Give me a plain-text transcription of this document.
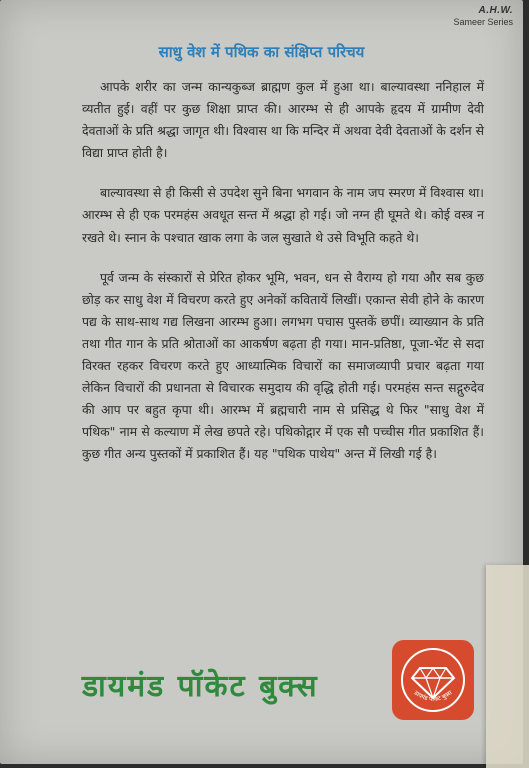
A.H.W.
Sameer Series
साधु वेश में पथिक का संक्षिप्त परिचय

आपके शरीर का जन्म कान्यकुब्ज ब्राह्मण कुल में हुआ था। बाल्यावस्था ननिहाल में व्यतीत हुई। वहीं पर कुछ शिक्षा प्राप्त की। आरम्भ से ही आपके हृदय में ग्रामीण देवी देवताओं के प्रति श्रद्धा जागृत थी। विश्वास था कि मन्दिर में अथवा देवी देवताओं के दर्शन से विद्या प्राप्त होती है।

बाल्यावस्था से ही किसी से उपदेश सुने बिना भगवान के नाम जप स्मरण में विश्वास था। आरम्भ से ही एक परमहंस अवधूत सन्त में श्रद्धा हो गई। जो नग्न ही घूमते थे। कोई वस्त्र न रखते थे। स्नान के पश्चात खाक लगा के जल सुखाते थे उसे विभूति कहते थे।

पूर्व जन्म के संस्कारों से प्रेरित होकर भूमि, भवन, धन से वैराग्य हो गया और सब कुछ छोड़ कर साधु वेश में विचरण करते हुए अनेकों कवितायें लिखीं। एकान्त सेवी होने के कारण पद्य के साथ-साथ गद्य लिखना आरम्भ हुआ। लगभग पचास पुस्तकें छपीं। व्याख्यान के प्रति तथा गीत गान के प्रति श्रोताओं का आकर्षण बढ़ता ही गया। मान-प्रतिष्ठा, पूजा-भेंट से सदा विरक्त रहकर विचरण करते हुए आध्यात्मिक विचारों का समाजव्यापी प्रचार बढ़ता गया लेकिन विचारों की प्रधानता से विचारक समुदाय की वृद्धि होती गई। परमहंस सन्त सद्गुरुदेव की आप पर बहुत कृपा थी। आरम्भ में ब्रह्मचारी नाम से प्रसिद्ध थे फिर "साधु वेश में पथिक" नाम से कल्याण में लेख छपते रहे। पथिकोद्गार में एक सौ पच्चीस गीत प्रकाशित हैं। कुछ गीत अन्य पुस्तकों में प्रकाशित हैं। यह "पथिक पाथेय" अन्त में लिखी गई है।

डायमंड पॉकेट बुक्स	डायमंड पॉकेट बुक्स
